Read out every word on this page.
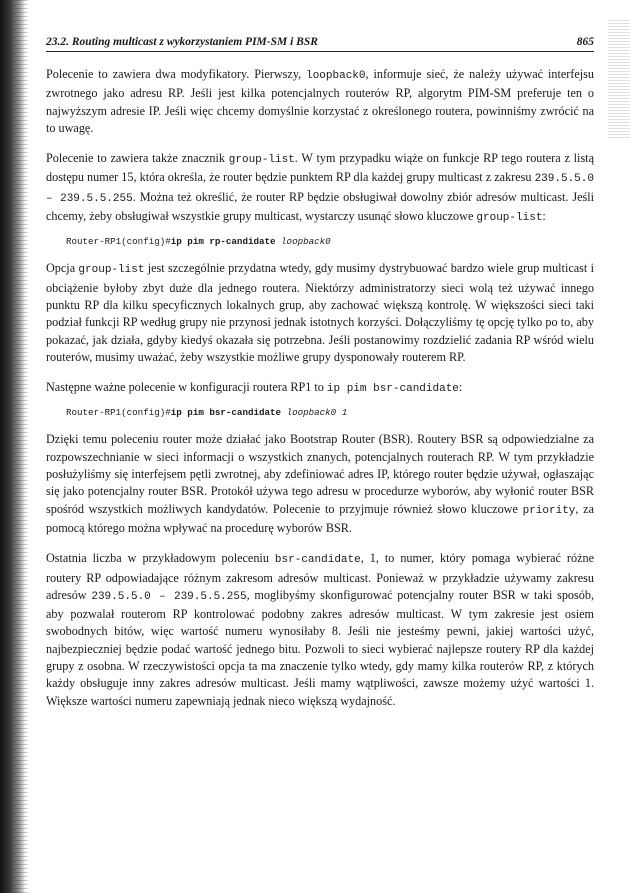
23.2. Routing multicast z wykorzystaniem PIM-SM i BSR	865

Polecenie to zawiera dwa modyfikatory. Pierwszy, loopback0, informuje sieć, że należy używać interfejsu zwrotnego jako adresu RP. Jeśli jest kilka potencjalnych routerów RP, algorytm PIM-SM preferuje ten o najwyższym adresie IP. Jeśli więc chcemy domyślnie korzystać z określonego routera, powinniśmy zwrócić na to uwagę.

Polecenie to zawiera także znacznik group-list. W tym przypadku wiąże on funkcje RP tego routera z listą dostępu numer 15, która określa, że router będzie punktem RP dla każdej grupy multicast z zakresu 239.5.5.0 – 239.5.5.255. Można też określić, że router RP będzie obsługiwał dowolny zbiór adresów multicast. Jeśli chcemy, żeby obsługiwał wszystkie grupy multicast, wystarczy usunąć słowo kluczowe group-list:

Router-RP1(config)#ip pim rp-candidate loopback0

Opcja group-list jest szczególnie przydatna wtedy, gdy musimy dystrybuować bardzo wiele grup multicast i obciążenie byłoby zbyt duże dla jednego routera. Niektórzy administratorzy sieci wolą też używać innego punktu RP dla kilku specyficznych lokalnych grup, aby zachować większą kontrolę. W większości sieci taki podział funkcji RP według grupy nie przynosi jednak istotnych korzyści. Dołączyliśmy tę opcję tylko po to, aby pokazać, jak działa, gdyby kiedyś okazała się potrzebna. Jeśli postanowimy rozdzielić zadania RP wśród wielu routerów, musimy uważać, żeby wszystkie możliwe grupy dysponowały routerem RP.

Następne ważne polecenie w konfiguracji routera RP1 to ip pim bsr-candidate:

Router-RP1(config)#ip pim bsr-candidate loopback0 1

Dzięki temu poleceniu router może działać jako Bootstrap Router (BSR). Routery BSR są odpowiedzialne za rozpowszechnianie w sieci informacji o wszystkich znanych, potencjalnych routerach RP. W tym przykładzie posłużyliśmy się interfejsem pętli zwrotnej, aby zdefiniować adres IP, którego router będzie używał, ogłaszając się jako potencjalny router BSR. Protokół używa tego adresu w procedurze wyborów, aby wyłonić router BSR spośród wszystkich możliwych kandydatów. Polecenie to przyjmuje również słowo kluczowe priority, za pomocą którego można wpływać na procedurę wyborów BSR.

Ostatnia liczba w przykładowym poleceniu bsr-candidate, 1, to numer, który pomaga wybierać różne routery RP odpowiadające różnym zakresom adresów multicast. Ponieważ w przykładzie używamy zakresu adresów 239.5.5.0 – 239.5.5.255, moglibyśmy skonfigurować potencjalny router BSR w taki sposób, aby pozwalał routerom RP kontrolować podobny zakres adresów multicast. W tym zakresie jest osiem swobodnych bitów, więc wartość numeru wynosiłaby 8. Jeśli nie jesteśmy pewni, jakiej wartości użyć, najbezpieczniej będzie podać wartość jednego bitu. Pozwoli to sieci wybierać najlepsze routery RP dla każdej grupy z osobna. W rzeczywistości opcja ta ma znaczenie tylko wtedy, gdy mamy kilka routerów RP, z których każdy obsługuje inny zakres adresów multicast. Jeśli mamy wątpliwości, zawsze możemy użyć wartości 1. Większe wartości numeru zapewniają jednak nieco większą wydajność.
